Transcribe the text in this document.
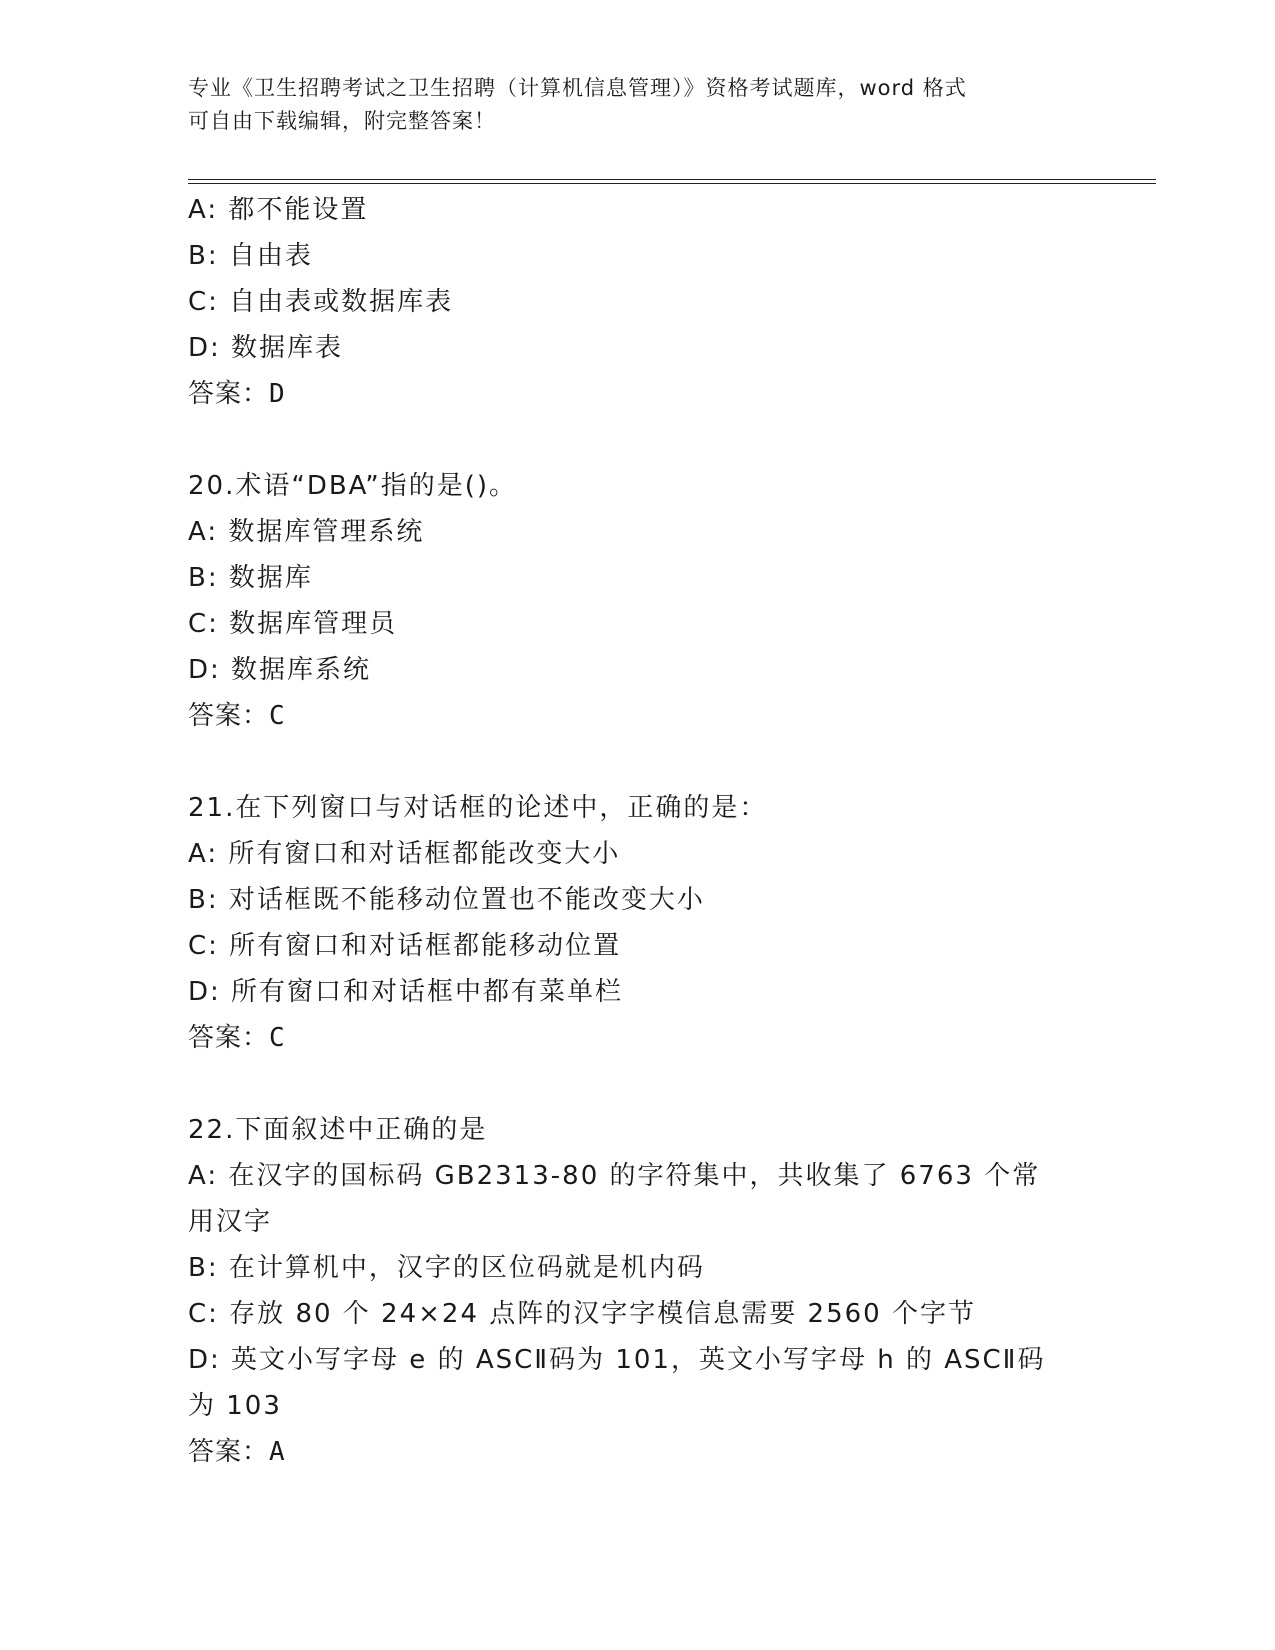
专业《卫生招聘考试之卫生招聘（计算机信息管理）》资格考试题库，word 格式
可自由下载编辑，附完整答案！
A: 都不能设置
B: 自由表
C: 自由表或数据库表
D: 数据库表
答案：D
20.术语“DBA”指的是()。
A: 数据库管理系统
B: 数据库
C: 数据库管理员
D: 数据库系统
答案：C
21.在下列窗口与对话框的论述中，正确的是：
A: 所有窗口和对话框都能改变大小
B: 对话框既不能移动位置也不能改变大小
C: 所有窗口和对话框都能移动位置
D: 所有窗口和对话框中都有菜单栏
答案：C
22.下面叙述中正确的是
A: 在汉字的国标码 GB2313-80 的字符集中，共收集了 6763 个常用汉字
B: 在计算机中，汉字的区位码就是机内码
C: 存放 80 个 24×24 点阵的汉字字模信息需要 2560 个字节
D: 英文小写字母 e 的 ASCⅡ码为 101，英文小写字母 h 的 ASCⅡ码为 103
答案：A
